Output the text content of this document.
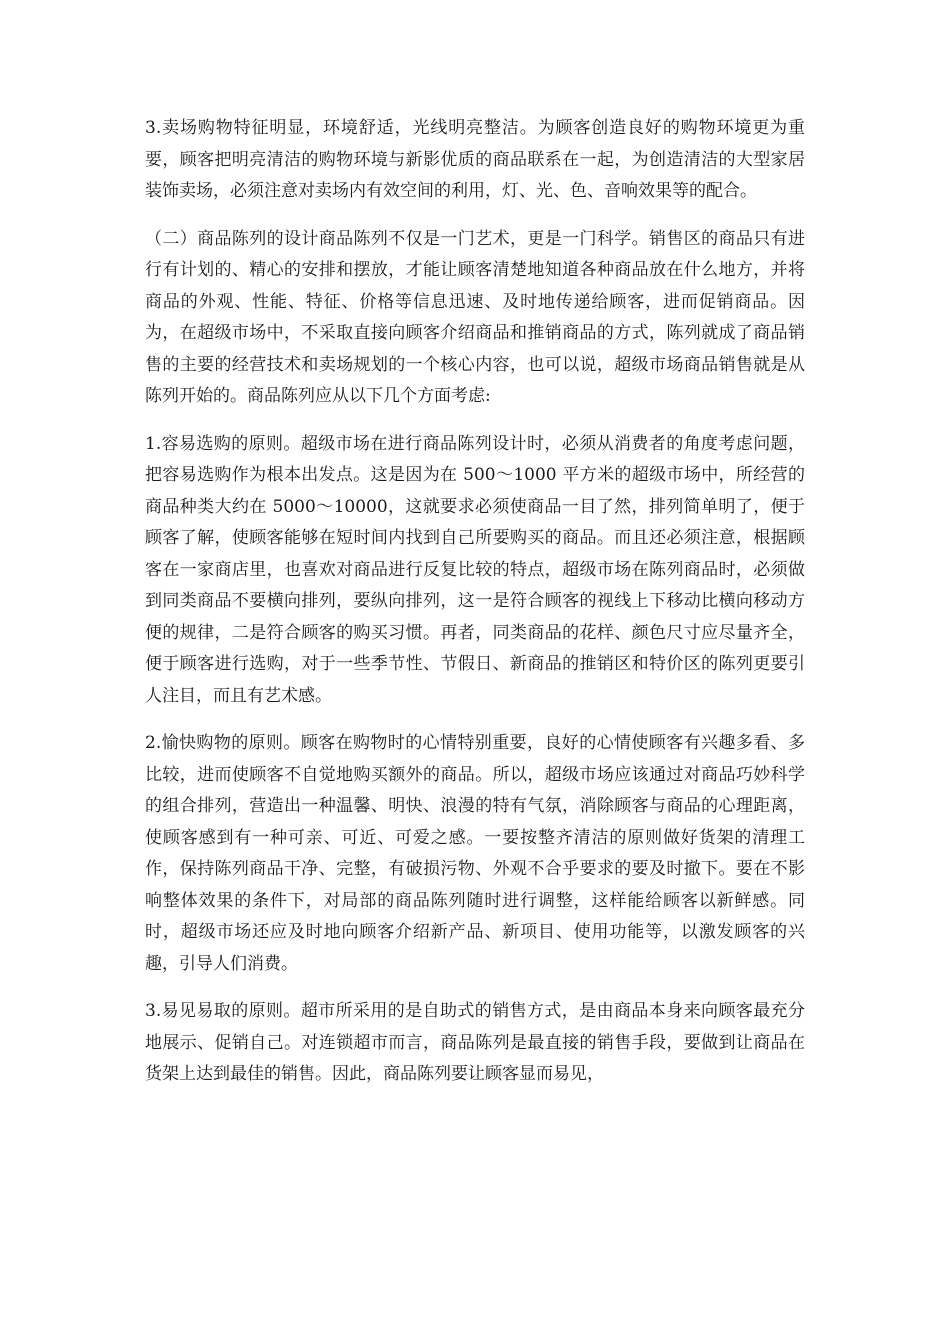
3.卖场购物特征明显，环境舒适，光线明亮整洁。为顾客创造良好的购物环境更为重要，顾客把明亮清洁的购物环境与新影优质的商品联系在一起，为创造清洁的大型家居装饰卖场，必须注意对卖场内有效空间的利用，灯、光、色、音响效果等的配合。

（二）商品陈列的设计商品陈列不仅是一门艺术，更是一门科学。销售区的商品只有进行有计划的、精心的安排和摆放，才能让顾客清楚地知道各种商品放在什么地方，并将商品的外观、性能、特征、价格等信息迅速、及时地传递给顾客，进而促销商品。因为，在超级市场中，不采取直接向顾客介绍商品和推销商品的方式，陈列就成了商品销售的主要的经营技术和卖场规划的一个核心内容，也可以说，超级市场商品销售就是从陈列开始的。商品陈列应从以下几个方面考虑:

1.容易选购的原则。超级市场在进行商品陈列设计时，必须从消费者的角度考虑问题，把容易选购作为根本出发点。这是因为在 500～1000 平方米的超级市场中，所经营的商品种类大约在 5000～10000，这就要求必须使商品一目了然，排列简单明了，便于顾客了解，使顾客能够在短时间内找到自己所要购买的商品。而且还必须注意，根据顾客在一家商店里，也喜欢对商品进行反复比较的特点，超级市场在陈列商品时，必须做到同类商品不要横向排列，要纵向排列，这一是符合顾客的视线上下移动比横向移动方便的规律，二是符合顾客的购买习惯。再者，同类商品的花样、颜色尺寸应尽量齐全，便于顾客进行选购，对于一些季节性、节假日、新商品的推销区和特价区的陈列更要引人注目，而且有艺术感。

2.愉快购物的原则。顾客在购物时的心情特别重要，良好的心情使顾客有兴趣多看、多比较，进而使顾客不自觉地购买额外的商品。所以，超级市场应该通过对商品巧妙科学的组合排列，营造出一种温馨、明快、浪漫的特有气氛，消除顾客与商品的心理距离，使顾客感到有一种可亲、可近、可爱之感。一要按整齐清洁的原则做好货架的清理工作，保持陈列商品干净、完整，有破损污物、外观不合乎要求的要及时撤下。要在不影响整体效果的条件下，对局部的商品陈列随时进行调整，这样能给顾客以新鲜感。同时，超级市场还应及时地向顾客介绍新产品、新项目、使用功能等，以激发顾客的兴趣，引导人们消费。

3.易见易取的原则。超市所采用的是自助式的销售方式，是由商品本身来向顾客最充分地展示、促销自己。对连锁超市而言，商品陈列是最直接的销售手段，要做到让商品在货架上达到最佳的销售。因此，商品陈列要让顾客显而易见，
